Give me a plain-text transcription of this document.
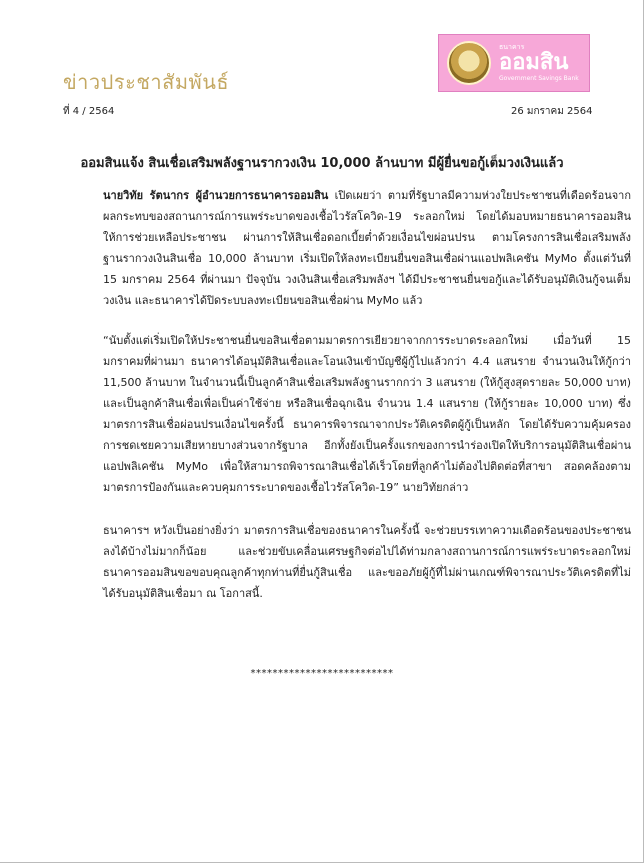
ข่าวประชาสัมพันธ์
ธนาคาร
ออมสิน
Government Savings Bank
ที่ 4 / 2564	26 มกราคม 2564
ออมสินแจ้ง สินเชื่อเสริมพลังฐานรากวงเงิน 10,000 ล้านบาท มีผู้ยื่นขอกู้เต็มวงเงินแล้ว
นายวิทัย รัตนากร ผู้อำนวยการธนาคารออมสิน เปิดเผยว่า ตามที่รัฐบาลมีความห่วงใยประชาชนที่เดือดร้อนจากผลกระทบของสถานการณ์การแพร่ระบาดของเชื้อไวรัสโควิด-19 ระลอกใหม่ โดยได้มอบหมายธนาคารออมสินให้การช่วยเหลือประชาชน ผ่านการให้สินเชื่อดอกเบี้ยต่ำด้วยเงื่อนไขผ่อนปรน ตามโครงการสินเชื่อเสริมพลังฐานรากวงเงินสินเชื่อ 10,000 ล้านบาท เริ่มเปิดให้ลงทะเบียนยื่นขอสินเชื่อผ่านแอปพลิเคชัน MyMo ตั้งแต่วันที่ 15 มกราคม 2564 ที่ผ่านมา ปัจจุบัน วงเงินสินเชื่อเสริมพลังฯ ได้มีประชาชนยื่นขอกู้และได้รับอนุมัติเงินกู้จนเต็มวงเงิน และธนาคารได้ปิดระบบลงทะเบียนขอสินเชื่อผ่าน MyMo แล้ว
“นับตั้งแต่เริ่มเปิดให้ประชาชนยื่นขอสินเชื่อตามมาตรการเยียวยาจากการระบาดระลอกใหม่ เมื่อวันที่ 15 มกราคมที่ผ่านมา ธนาคารได้อนุมัติสินเชื่อและโอนเงินเข้าบัญชีผู้กู้ไปแล้วกว่า 4.4 แสนราย จำนวนเงินให้กู้กว่า 11,500 ล้านบาท ในจำนวนนี้เป็นลูกค้าสินเชื่อเสริมพลังฐานรากกว่า 3 แสนราย (ให้กู้สูงสุดรายละ 50,000 บาท) และเป็นลูกค้าสินเชื่อเพื่อเป็นค่าใช้จ่าย หรือสินเชื่อฉุกเฉิน จำนวน 1.4 แสนราย (ให้กู้รายละ 10,000 บาท) ซึ่งมาตรการสินเชื่อผ่อนปรนเงื่อนไขครั้งนี้ ธนาคารพิจารณาจากประวัติเครดิตผู้กู้เป็นหลัก โดยได้รับความคุ้มครองการชดเชยความเสียหายบางส่วนจากรัฐบาล อีกทั้งยังเป็นครั้งแรกของการนำร่องเปิดให้บริการอนุมัติสินเชื่อผ่านแอปพลิเคชัน MyMo เพื่อให้สามารถพิจารณาสินเชื่อได้เร็วโดยที่ลูกค้าไม่ต้องไปติดต่อที่สาขา สอดคล้องตามมาตรการป้องกันและควบคุมการระบาดของเชื้อไวรัสโควิด-19” นายวิทัยกล่าว
ธนาคารฯ หวังเป็นอย่างยิ่งว่า มาตรการสินเชื่อของธนาคารในครั้งนี้ จะช่วยบรรเทาความเดือดร้อนของประชาชนลงได้บ้างไม่มากก็น้อย และช่วยขับเคลื่อนเศรษฐกิจต่อไปได้ท่ามกลางสถานการณ์การแพร่ระบาดระลอกใหม่ ธนาคารออมสินขอขอบคุณลูกค้าทุกท่านที่ยื่นกู้สินเชื่อ และขออภัยผู้กู้ที่ไม่ผ่านเกณฑ์พิจารณาประวัติเครดิตที่ไม่ได้รับอนุมัติสินเชื่อมา ณ โอกาสนี้.
**************************
